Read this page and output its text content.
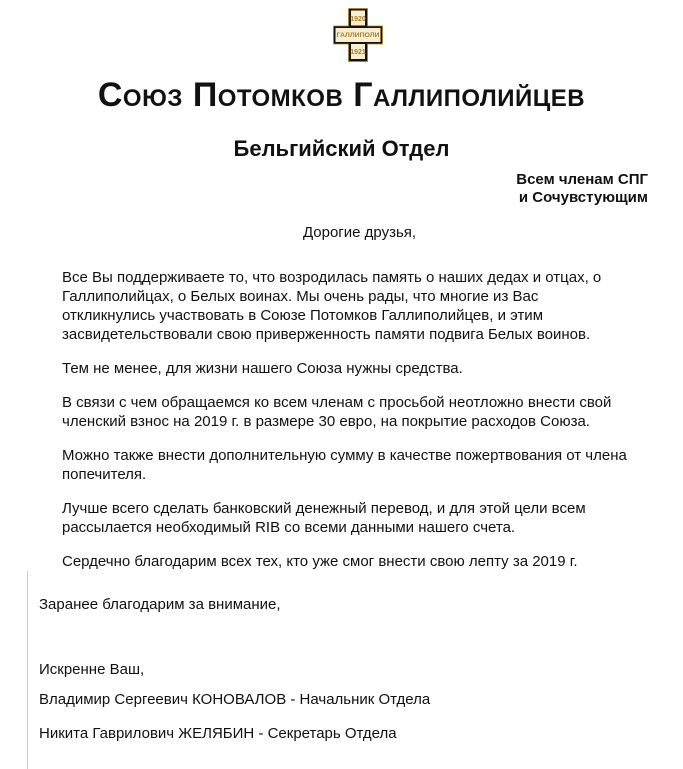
1920
ГАЛЛИПОЛИ
1921
СОЮЗ ПОТОМКОВ ГАЛЛИПОЛИЙЦЕВ
Бельгийский Отдел
Всем членам СПГ
и Сочувстующим
Дорогие друзья,

Все Вы поддерживаете то, что возродилась память о наших дедах и отцах, о Галлиполийцах, о Белых воинах. Мы очень рады, что многие из Вас откликнулись участвовать в Союзе Потомков Галлиполийцев, и этим засвидетельствовали свою приверженность памяти подвига Белых воинов.

Тем не менее, для жизни нашего Союза нужны средства.

В связи с чем обращаемся ко всем членам с просьбой неотложно внести свой членский взнос на 2019 г. в размере 30 евро, на покрытие расходов Союза.

Можно также внести дополнительную сумму в качестве пожертвования от члена попечителя.

Лучше всего сделать банковский денежный перевод, и для этой цели всем рассылается необходимый RIB со всеми данными нашего счета.

Сердечно благодарим всех тех, кто уже смог внести свою лепту за 2019 г.

Заранее благодарим за внимание,

Искренне Ваш,

Владимир Сергеевич КОНОВАЛОВ - Начальник Отдела

Никита Гаврилович ЖЕЛЯБИН - Секретарь Отдела
